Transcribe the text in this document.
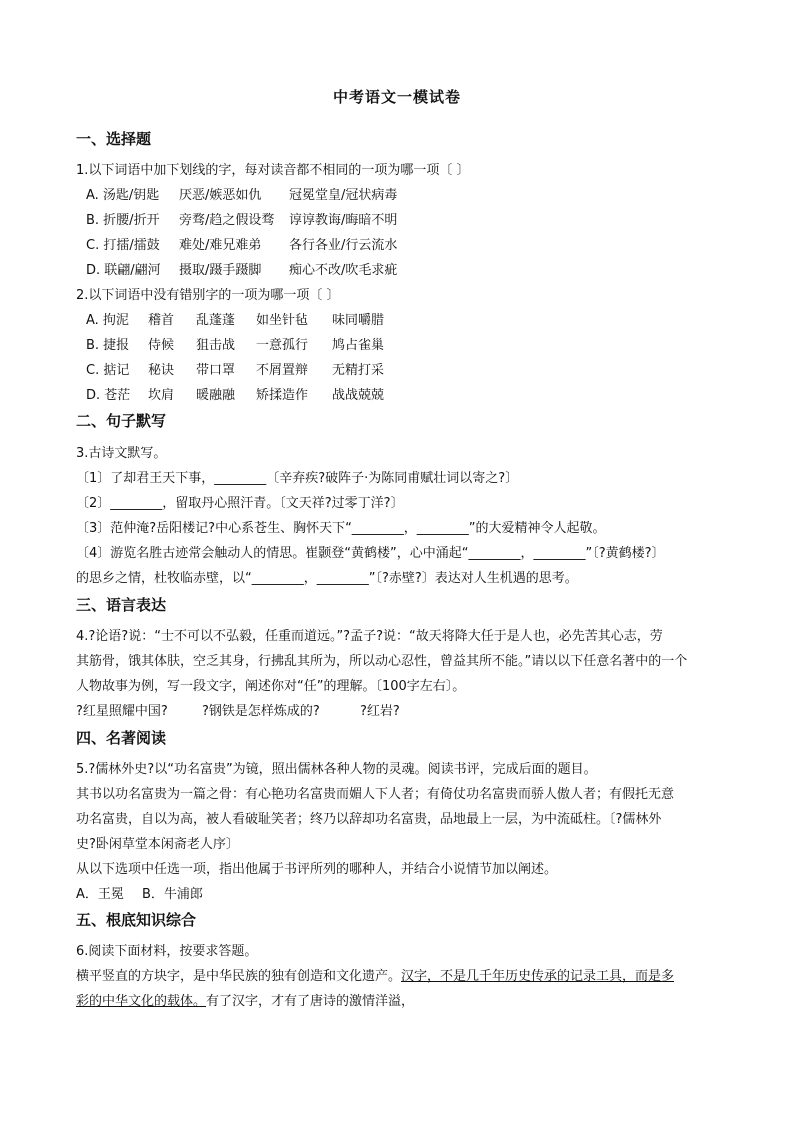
中考语文一模试卷
一、选择题
1.以下词语中加下划线的字，每对读音都不相同的一项为哪一项〔 〕
A. 汤匙/钥匙 厌恶/嫉恶如仇 冠冕堂皇/冠状病毒
B. 折腰/折开 旁骛/趋之假设骛 谆谆教诲/晦暗不明
C. 打擂/擂鼓 难处/难兄难弟 各行各业/行云流水
D. 联翩/翩河 摄取/蹑手蹑脚 痴心不改/吹毛求疵
2.以下词语中没有错别字的一项为哪一项〔 〕
A. 拘泥 稽首 乱蓬蓬 如坐针毡 味同嚼腊
B. 捷报 侍候 狙击战 一意孤行 鸠占雀巢
C. 掂记 秘诀 带口罩 不屑置辩 无精打采
D. 苍茫 坎肩 暖融融 矫揉造作 战战兢兢
二、句子默写
3.古诗文默写。
〔1〕了却君王天下事，________〔辛弃疾?破阵子·为陈同甫赋壮词以寄之?〕
〔2〕________，留取丹心照汗青。〔文天祥?过零丁洋?〕
〔3〕范仲淹?岳阳楼记?中心系苍生、胸怀天下“________，________”的大爱精神令人起敬。
〔4〕游览名胜古迹常会触动人的情思。崔颢登“黄鹤楼”，心中涌起“________，________”〔?黄鹤楼?〕
的思乡之情，杜牧临赤壁，以“________，________”〔?赤壁?〕表达对人生机遇的思考。
三、语言表达
4.?论语?说：“士不可以不弘毅，任重而道远。”?孟子?说：“故天将降大任于是人也，必先苦其心志，劳
其筋骨，饿其体肤，空乏其身，行拂乱其所为，所以动心忍性，曾益其所不能。”请以以下任意名著中的一个
人物故事为例，写一段文字，阐述你对“任”的理解。〔100字左右〕。
?红星照耀中国?	?钢铁是怎样炼成的?	?红岩?
四、名著阅读
5.?儒林外史?以“功名富贵”为镜，照出儒林各种人物的灵魂。阅读书评，完成后面的题目。
其书以功名富贵为一篇之骨：有心艳功名富贵而媚人下人者；有倚仗功名富贵而骄人傲人者；有假托无意
功名富贵，自以为高，被人看破耻笑者；终乃以辞却功名富贵，品地最上一层，为中流砥柱。〔?儒林外
史?卧闲草堂本闲斋老人序〕
从以下选项中任选一项，指出他属于书评所列的哪种人，并结合小说情节加以阐述。
A．王冕 B．牛浦郎
五、根底知识综合
6.阅读下面材料，按要求答题。
横平竖直的方块字，是中华民族的独有创造和文化遗产。汉字，不是几千年历史传承的记录工具，而是多
彩的中华文化的载体。有了汉字，才有了唐诗的激情洋溢，
